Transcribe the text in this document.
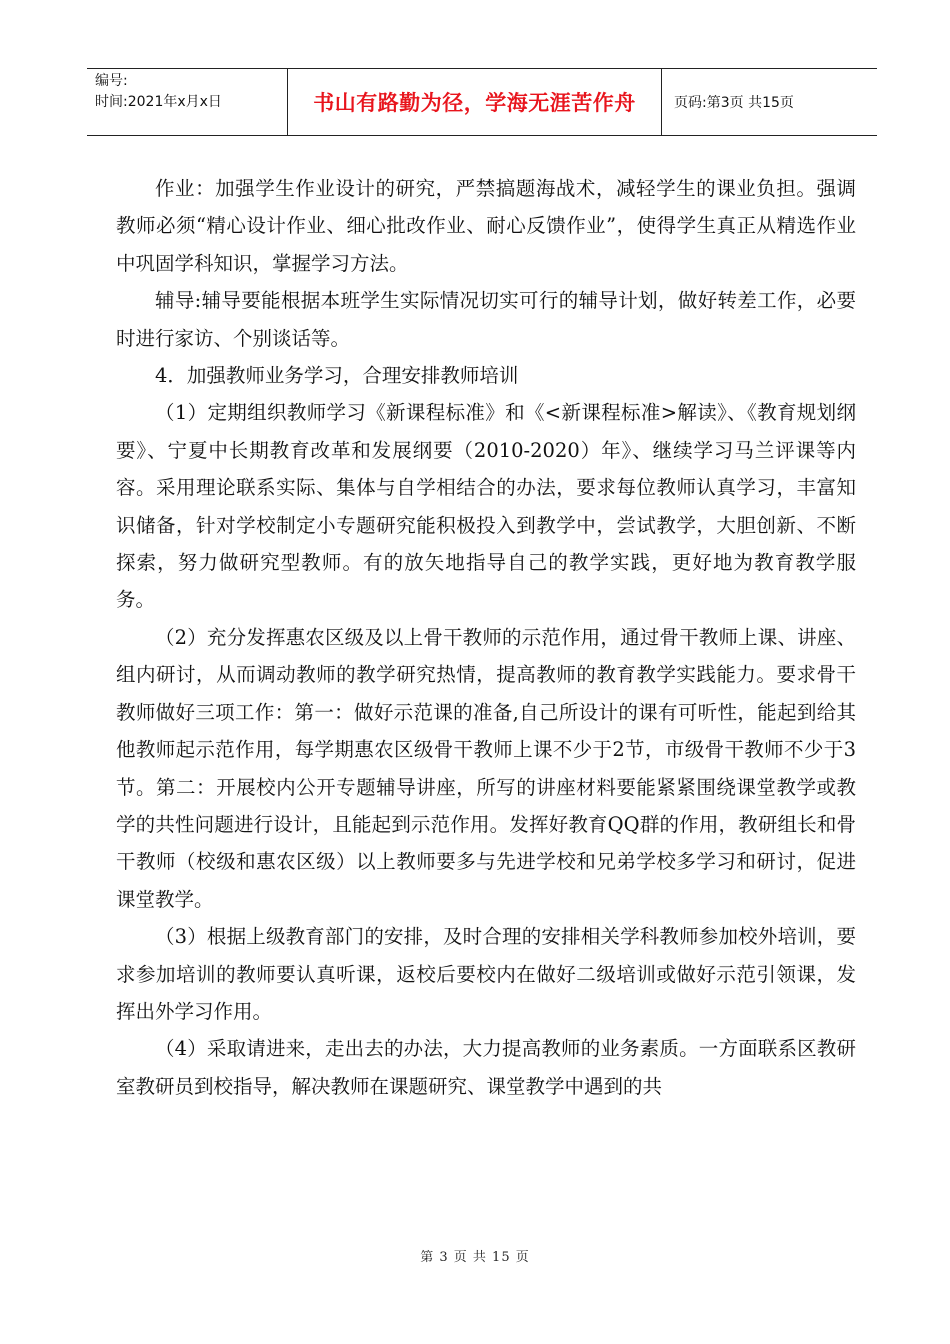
编号:
时间:2021年x月x日	书山有路勤为径，学海无涯苦作舟	页码:第3页 共15页

作业：加强学生作业设计的研究，严禁搞题海战术，减轻学生的课业负担。强调教师必须“精心设计作业、细心批改作业、耐心反馈作业”，使得学生真正从精选作业中巩固学科知识，掌握学习方法。

辅导:辅导要能根据本班学生实际情况切实可行的辅导计划，做好转差工作，必要时进行家访、个别谈话等。

4．加强教师业务学习，合理安排教师培训

（1）定期组织教师学习《新课程标准》和《<新课程标准>解读》、《教育规划纲要》、宁夏中长期教育改革和发展纲要（2010-2020）年》、继续学习马兰评课等内容。采用理论联系实际、集体与自学相结合的办法，要求每位教师认真学习，丰富知识储备，针对学校制定小专题研究能积极投入到教学中，尝试教学，大胆创新、不断探索，努力做研究型教师。有的放矢地指导自己的教学实践，更好地为教育教学服务。

（2）充分发挥惠农区级及以上骨干教师的示范作用，通过骨干教师上课、讲座、组内研讨，从而调动教师的教学研究热情，提高教师的教育教学实践能力。要求骨干教师做好三项工作：第一：做好示范课的准备,自己所设计的课有可听性，能起到给其他教师起示范作用，每学期惠农区级骨干教师上课不少于2节，市级骨干教师不少于3节。第二：开展校内公开专题辅导讲座，所写的讲座材料要能紧紧围绕课堂教学或教学的共性问题进行设计，且能起到示范作用。发挥好教育QQ群的作用，教研组长和骨干教师（校级和惠农区级）以上教师要多与先进学校和兄弟学校多学习和研讨，促进课堂教学。

（3）根据上级教育部门的安排，及时合理的安排相关学科教师参加校外培训，要求参加培训的教师要认真听课，返校后要校内在做好二级培训或做好示范引领课，发挥出外学习作用。

（4）采取请进来，走出去的办法，大力提高教师的业务素质。一方面联系区教研室教研员到校指导，解决教师在课题研究、课堂教学中遇到的共

第 3 页 共 15 页
